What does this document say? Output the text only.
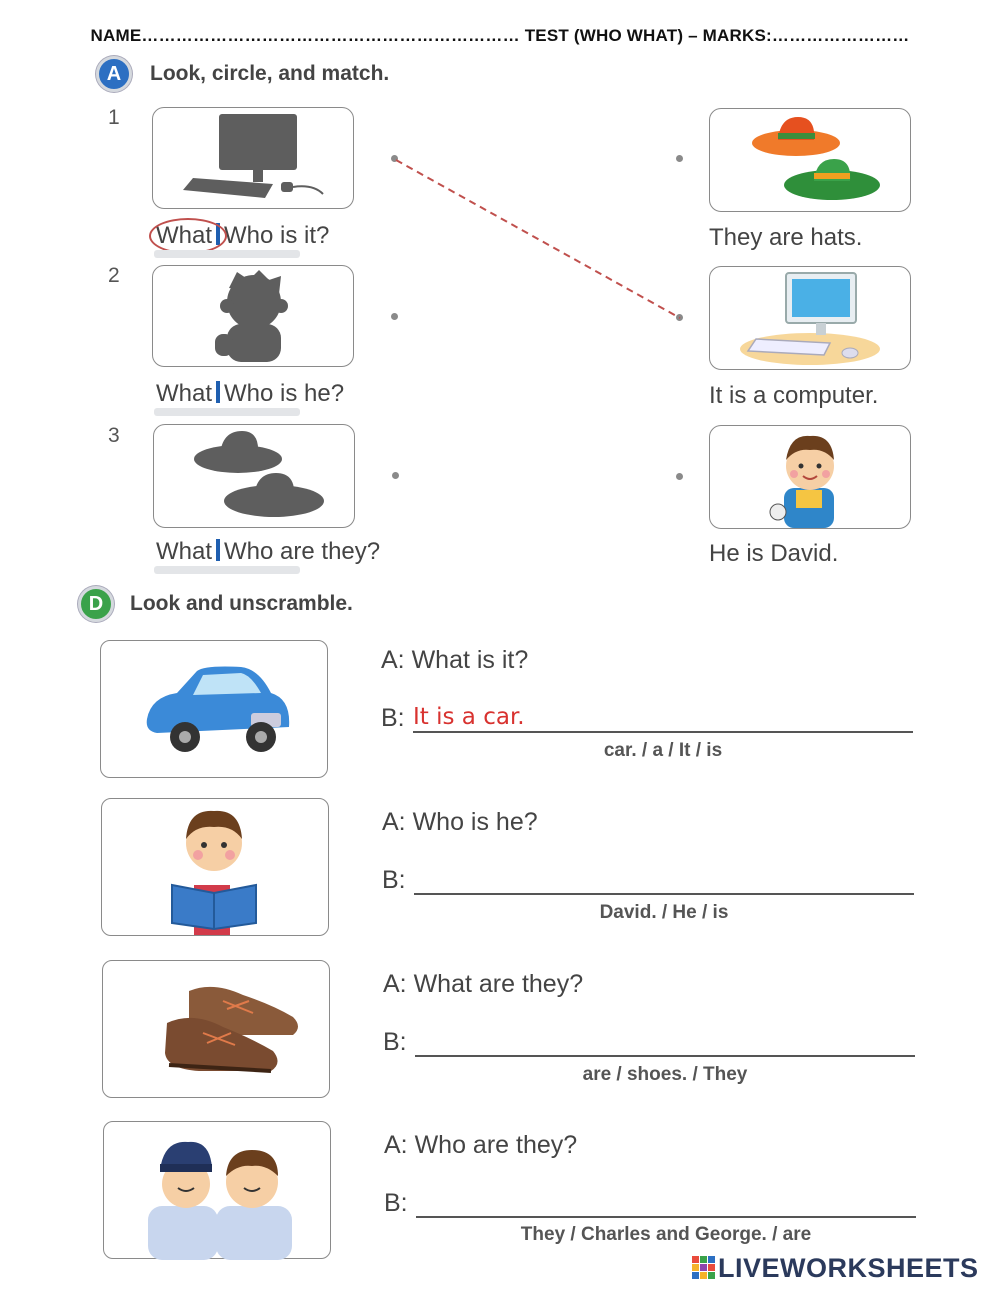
NAME………………………………………………………… TEST (WHO WHAT) – MARKS:……………………
A	Look, circle, and match.
1
What Who is it?
2
What Who is he?
3
What Who are they?
They are hats.
It is a computer.
He is David.
D	Look and unscramble.
A: What is it?
B: It is a car.
car. / a / It / is
A: Who is he?
B:
David. / He / is
A: What are they?
B:
are / shoes. / They
A: Who are they?
B:
They / Charles and George. / are
LIVEWORKSHEETS
